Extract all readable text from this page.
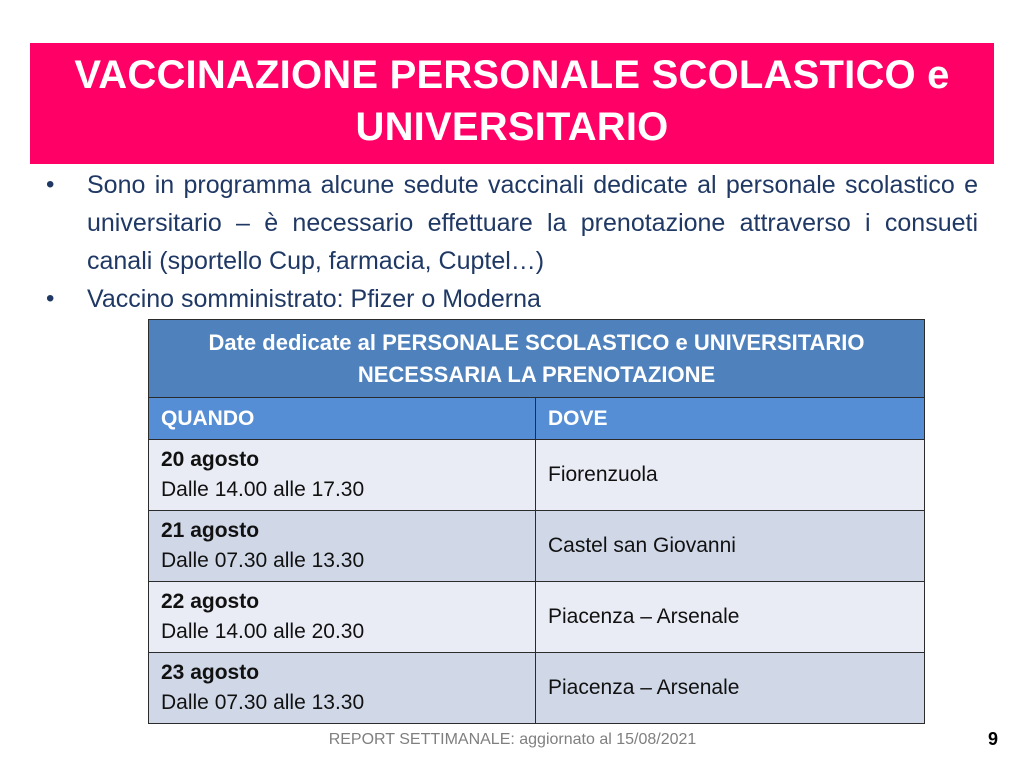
VACCINAZIONE PERSONALE SCOLASTICO e UNIVERSITARIO
• Sono in programma alcune sedute vaccinali dedicate al personale scolastico e universitario – è necessario effettuare la prenotazione attraverso i consueti canali (sportello Cup, farmacia, Cuptel…)
• Vaccino somministrato: Pfizer o Moderna
Date dedicate al PERSONALE SCOLASTICO e UNIVERSITARIO
NECESSARIA LA PRENOTAZIONE	

QUANDO	DOVE

20 agosto
Dalle 14.00 alle 17.30	Fiorenzuola

21 agosto
Dalle 07.30 alle 13.30	Castel san Giovanni

22 agosto
Dalle 14.00 alle 20.30	Piacenza – Arsenale

23 agosto
Dalle 07.30 alle 13.30	Piacenza – Arsenale
REPORT SETTIMANALE: aggiornato al 15/08/2021	9
